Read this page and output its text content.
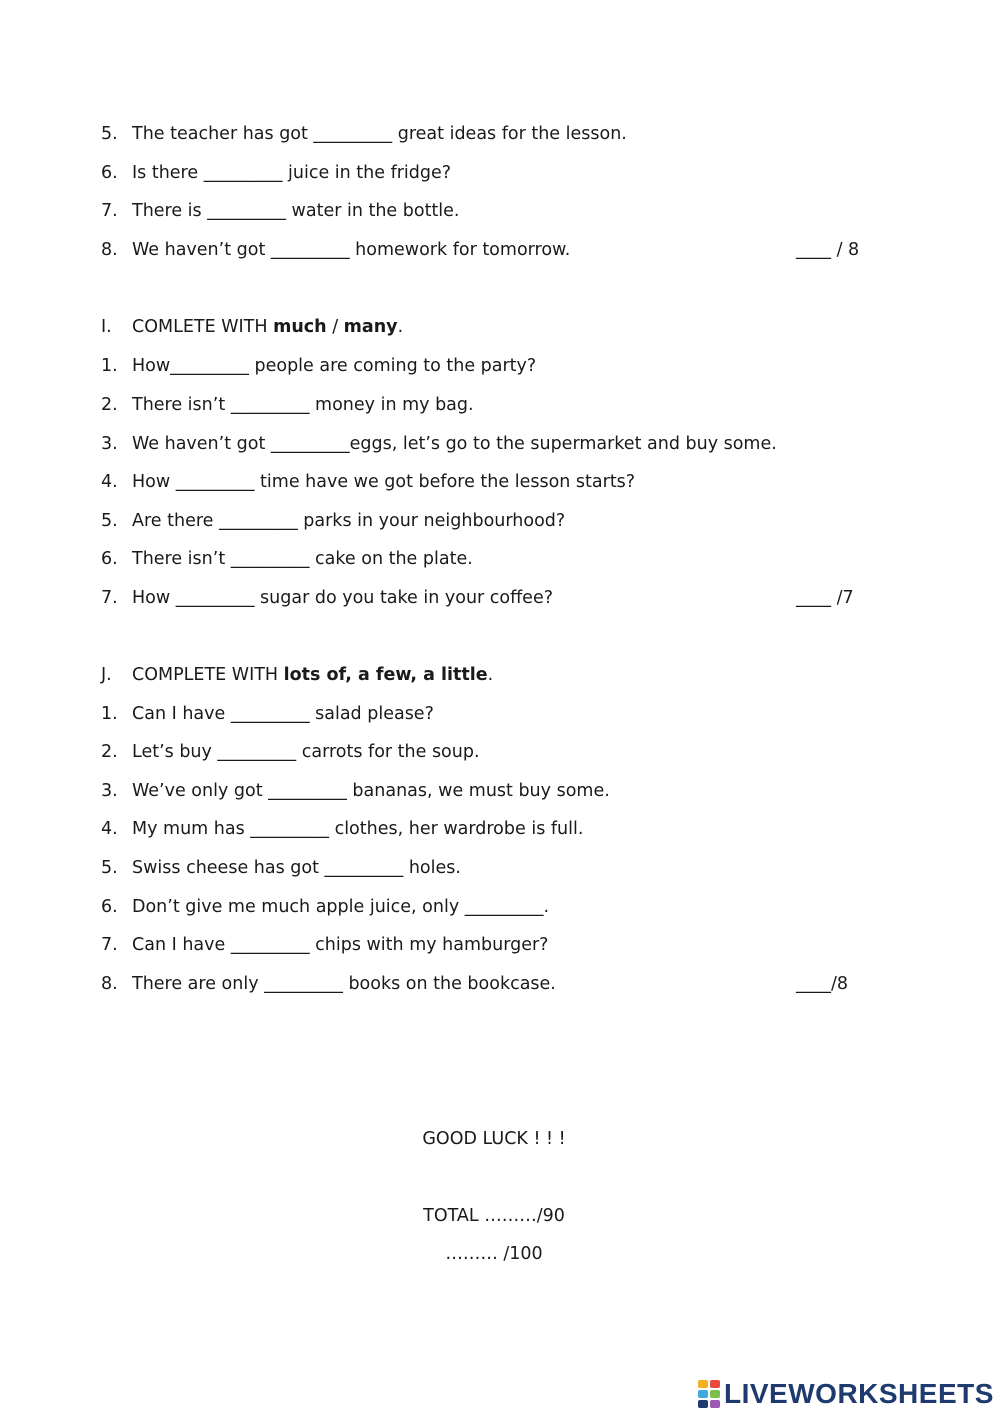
5. The teacher has got _________ great ideas for the lesson.
6. Is there _________ juice in the fridge?
7. There is _________ water in the bottle.
8. We haven’t got _________ homework for tomorrow.	____ / 8
I. COMLETE WITH much / many.
1. How_________ people are coming to the party?
2. There isn’t _________ money in my bag.
3. We haven’t got _________eggs, let’s go to the supermarket and buy some.
4. How _________ time have we got before the lesson starts?
5. Are there _________ parks in your neighbourhood?
6. There isn’t _________ cake on the plate.
7. How _________ sugar do you take in your coffee?	____ /7
J. COMPLETE WITH lots of, a few, a little.
1. Can I have _________ salad please?
2. Let’s buy _________ carrots for the soup.
3. We’ve only got _________ bananas, we must buy some.
4. My mum has _________ clothes, her wardrobe is full.
5. Swiss cheese has got _________ holes.
6. Don’t give me much apple juice, only _________.
7. Can I have _________ chips with my hamburger?
8. There are only _________ books on the bookcase.	____/8
GOOD LUCK ! ! !
TOTAL ………/90
……… /100
LIVEWORKSHEETS
